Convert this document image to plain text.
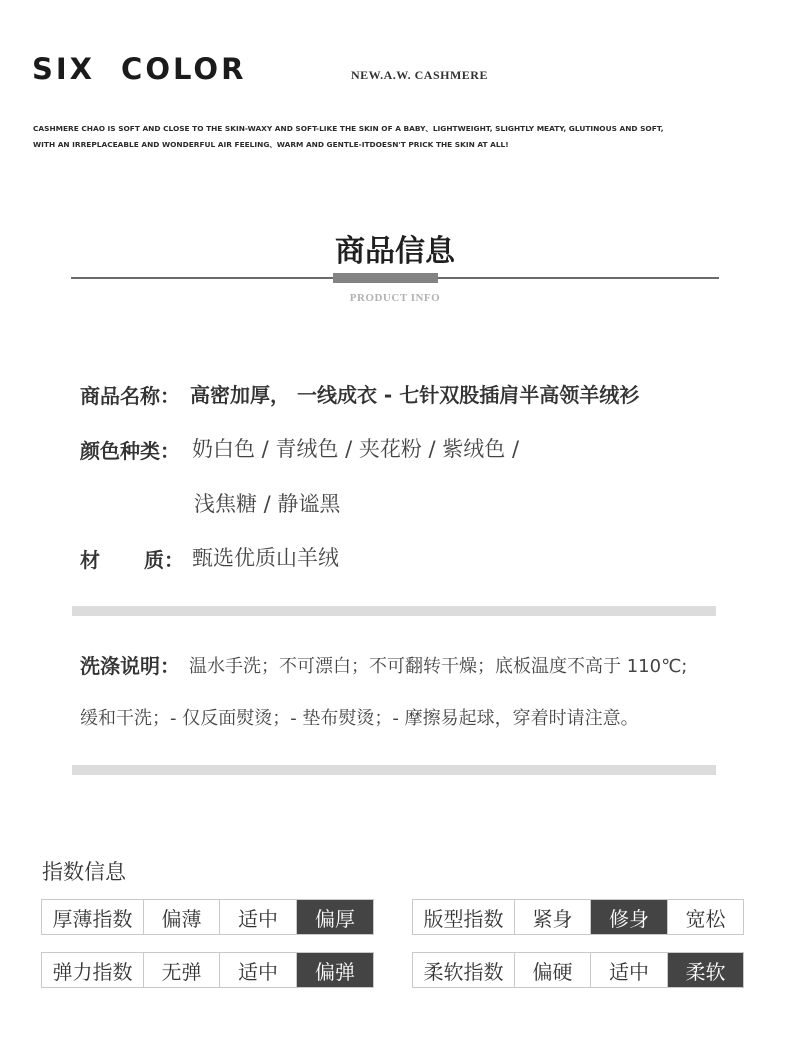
SIX COLOR	NEW.A.W. CASHMERE
CASHMERE CHAO IS SOFT AND CLOSE TO THE SKIN-WAXY AND SOFT-LIKE THE SKIN OF A BABY、LIGHTWEIGHT, SLIGHTLY MEATY, GLUTINOUS AND SOFT,
WITH AN IRREPLACEABLE AND WONDERFUL AIR FEELING、WARM AND GENTLE-ITDOESN'T PRICK THE SKIN AT ALL!
商品信息
PRODUCT INFO
商品名称： 高密加厚， 一线成衣 - 七针双股插肩半高领羊绒衫
颜色种类： 奶白色 / 青绒色 / 夹花粉 / 紫绒色 /
浅焦糖 / 静谧黑
材 质： 甄选优质山羊绒
洗涤说明： 温水手洗；不可漂白；不可翻转干燥；底板温度不高于 110℃;
缓和干洗；- 仅反面熨烫；- 垫布熨烫；- 摩擦易起球，穿着时请注意。
指数信息
厚薄指数	偏薄	适中	偏厚	版型指数	紧身	修身	宽松
弹力指数	无弹	适中	偏弹	柔软指数	偏硬	适中	柔软
